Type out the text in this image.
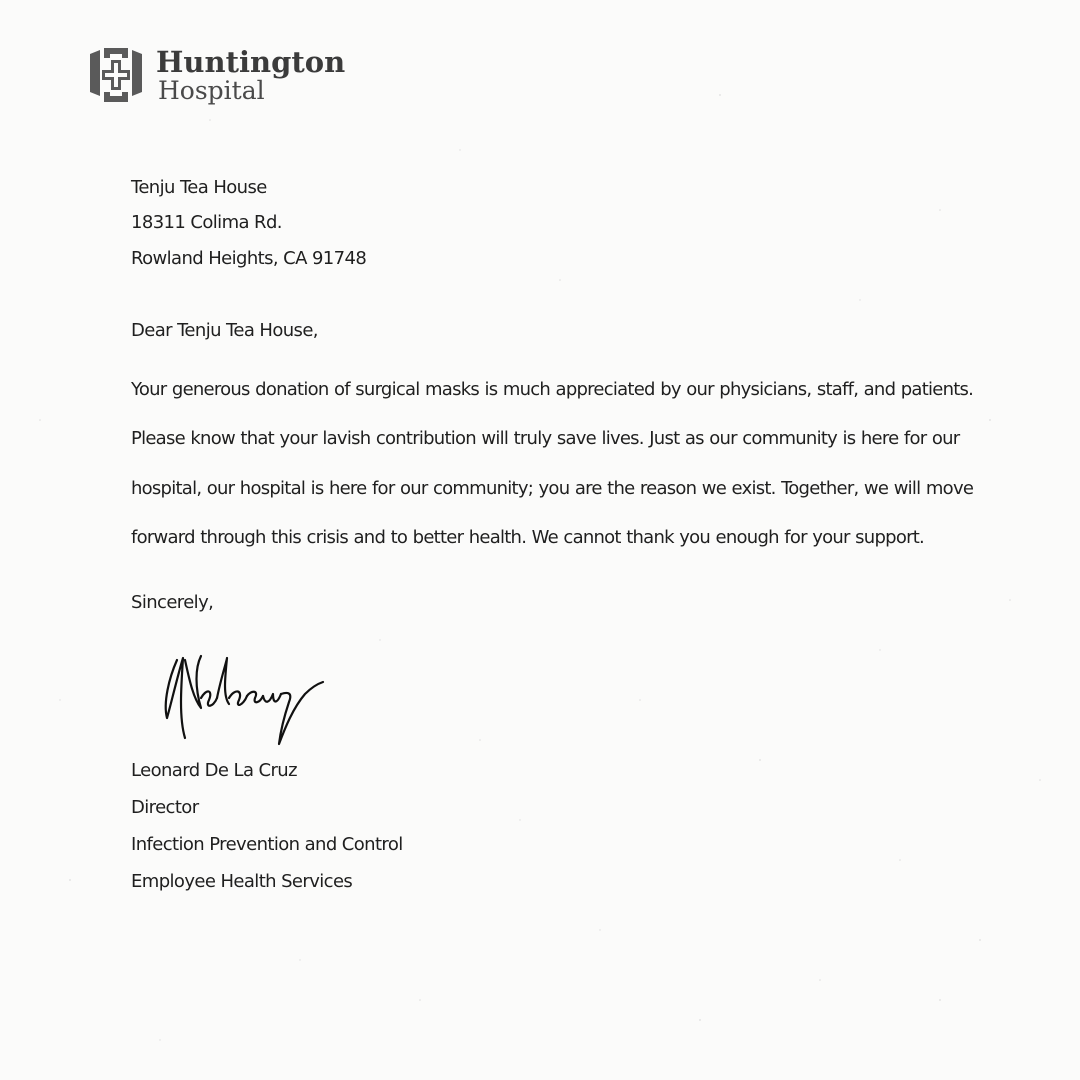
Huntington
Hospital
Tenju Tea House
18311 Colima Rd.
Rowland Heights, CA 91748
Dear Tenju Tea House,
Your generous donation of surgical masks is much appreciated by our physicians, staff, and patients.
Please know that your lavish contribution will truly save lives. Just as our community is here for our
hospital, our hospital is here for our community; you are the reason we exist. Together, we will move
forward through this crisis and to better health. We cannot thank you enough for your support.
Sincerely,
Leonard De La Cruz
Director
Infection Prevention and Control
Employee Health Services
